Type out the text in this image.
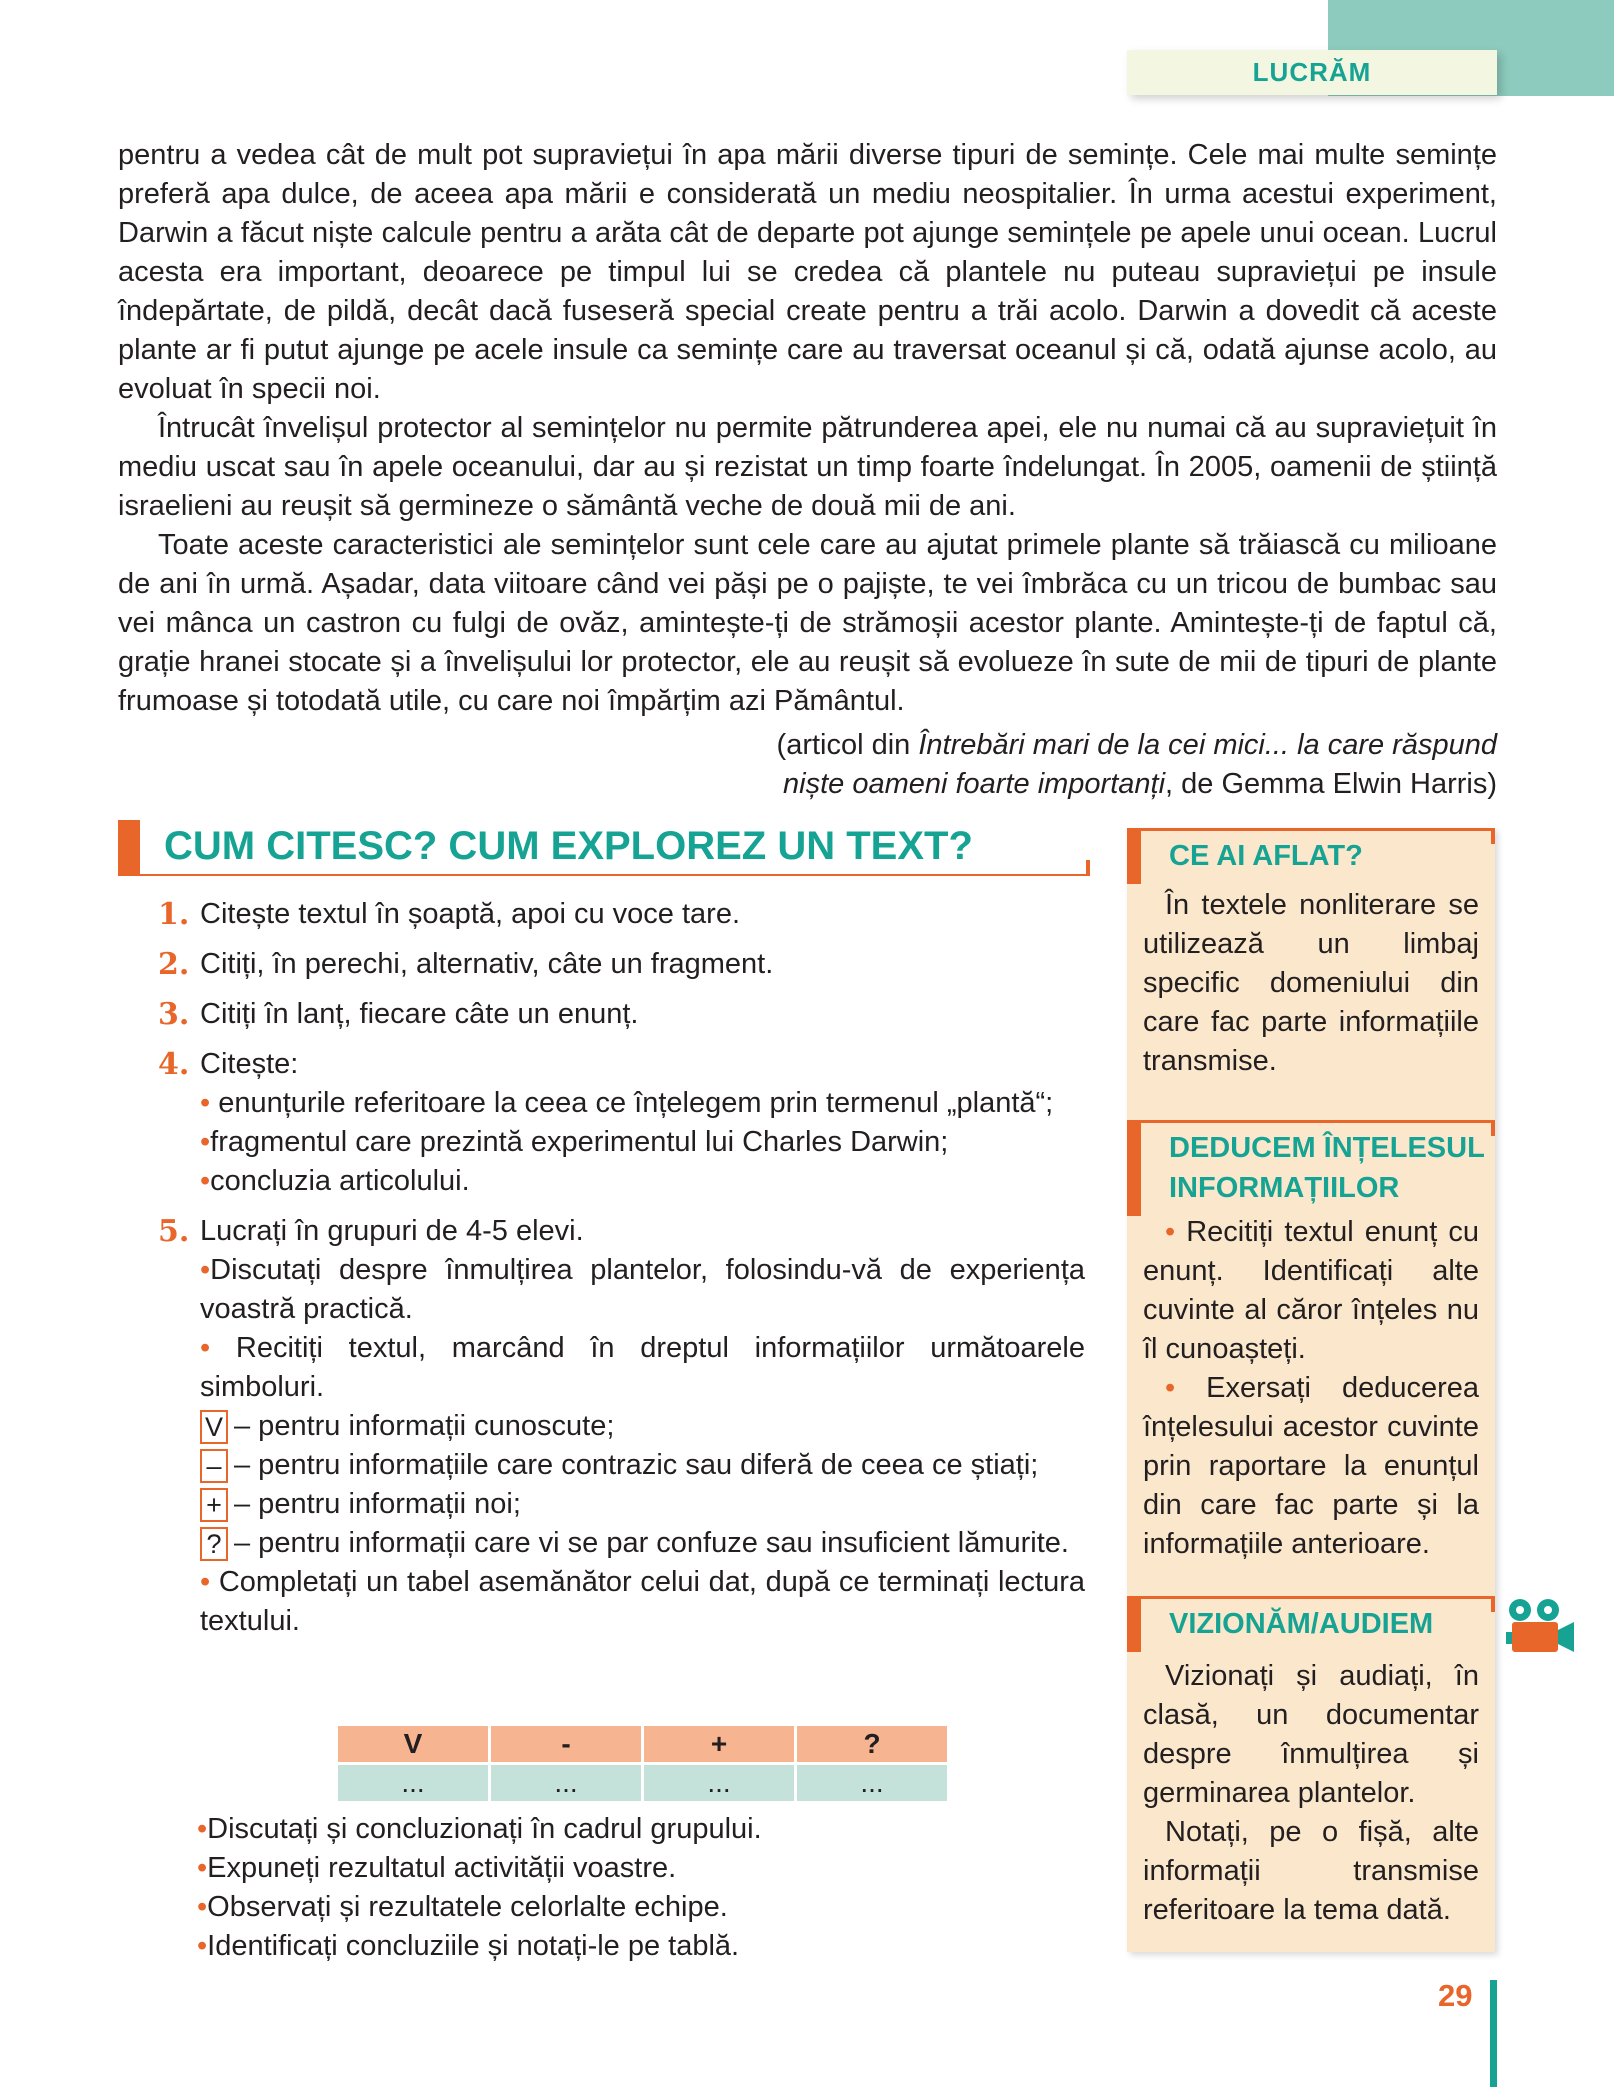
LUCRĂM

pentru a vedea cât de mult pot supraviețui în apa mării diverse tipuri de semințe. Cele mai multe semințe preferă apa dulce, de aceea apa mării e considerată un mediu neospitalier. În urma acestui experiment, Darwin a făcut niște calcule pentru a arăta cât de departe pot ajunge semințele pe apele unui ocean. Lucrul acesta era important, deoarece pe timpul lui se credea că plantele nu puteau supraviețui pe insule îndepărtate, de pildă, decât dacă fuseseră special create pentru a trăi acolo. Darwin a dovedit că aceste plante ar fi putut ajunge pe acele insule ca semințe care au traversat oceanul și că, odată ajunse acolo, au evoluat în specii noi.

Întrucât învelișul protector al semințelor nu permite pătrunderea apei, ele nu numai că au supraviețuit în mediu uscat sau în apele oceanului, dar au și rezistat un timp foarte îndelungat. În 2005, oamenii de știință israelieni au reușit să germineze o sământă veche de două mii de ani.

Toate aceste caracteristici ale semințelor sunt cele care au ajutat primele plante să trăiască cu milioane de ani în urmă. Așadar, data viitoare când vei păși pe o pajiște, te vei îmbrăca cu un tricou de bumbac sau vei mânca un castron cu fulgi de ovăz, amintește-ți de strămoșii acestor plante. Amintește-ți de faptul că, grație hranei stocate și a învelișului lor protector, ele au reușit să evolueze în sute de mii de tipuri de plante frumoase și totodată utile, cu care noi împărțim azi Pământul.

(articol din Întrebări mari de la cei mici... la care răspund
niște oameni foarte importanți, de Gemma Elwin Harris)
CUM CITESC? CUM EXPLOREZ UN TEXT?
1. Citește textul în șoaptă, apoi cu voce tare.
2. Citiți, în perechi, alternativ, câte un fragment.
3. Citiți în lanț, fiecare câte un enunț.
4. Citește:
• enunțurile referitoare la ceea ce înțelegem prin termenul „plantă“;
•fragmentul care prezintă experimentul lui Charles Darwin;
•concluzia articolului.
5. Lucrați în grupuri de 4-5 elevi.
•Discutați despre înmulțirea plantelor, folosindu-vă de experiența voastră practică.
• Recitiți textul, marcând în dreptul informațiilor următoarele simboluri.
V – pentru informații cunoscute;
– – pentru informațiile care contrazic sau diferă de ceea ce știați;
+ – pentru informații noi;
? – pentru informații care vi se par confuze sau insuficient lămurite.
• Completați un tabel asemănător celui dat, după ce terminați lectura textului.
V	-	+	?
...	...	...	...
•Discutați și concluzionați în cadrul grupului.
•Expuneți rezultatul activității voastre.
•Observați și rezultatele celorlalte echipe.
•Identificați concluziile și notați-le pe tablă.
CE AI AFLAT?

În textele nonliterare se utilizează un limbaj specific domeniului din care fac parte informațiile transmise.

DEDUCEM ÎNȚELESUL
INFORMAȚIILOR

• Recitiți textul enunț cu enunț. Identificați alte cuvinte al căror înțeles nu îl cunoașteți.

• Exersați deducerea înțelesului acestor cuvinte prin raportare la enunțul din care fac parte și la informațiile anterioare.

VIZIONĂM/AUDIEM

Vizionați și audiați, în clasă, un documentar despre înmulțirea și germinarea plantelor.

Notați, pe o fișă, alte informații transmise referitoare la tema dată.

29
